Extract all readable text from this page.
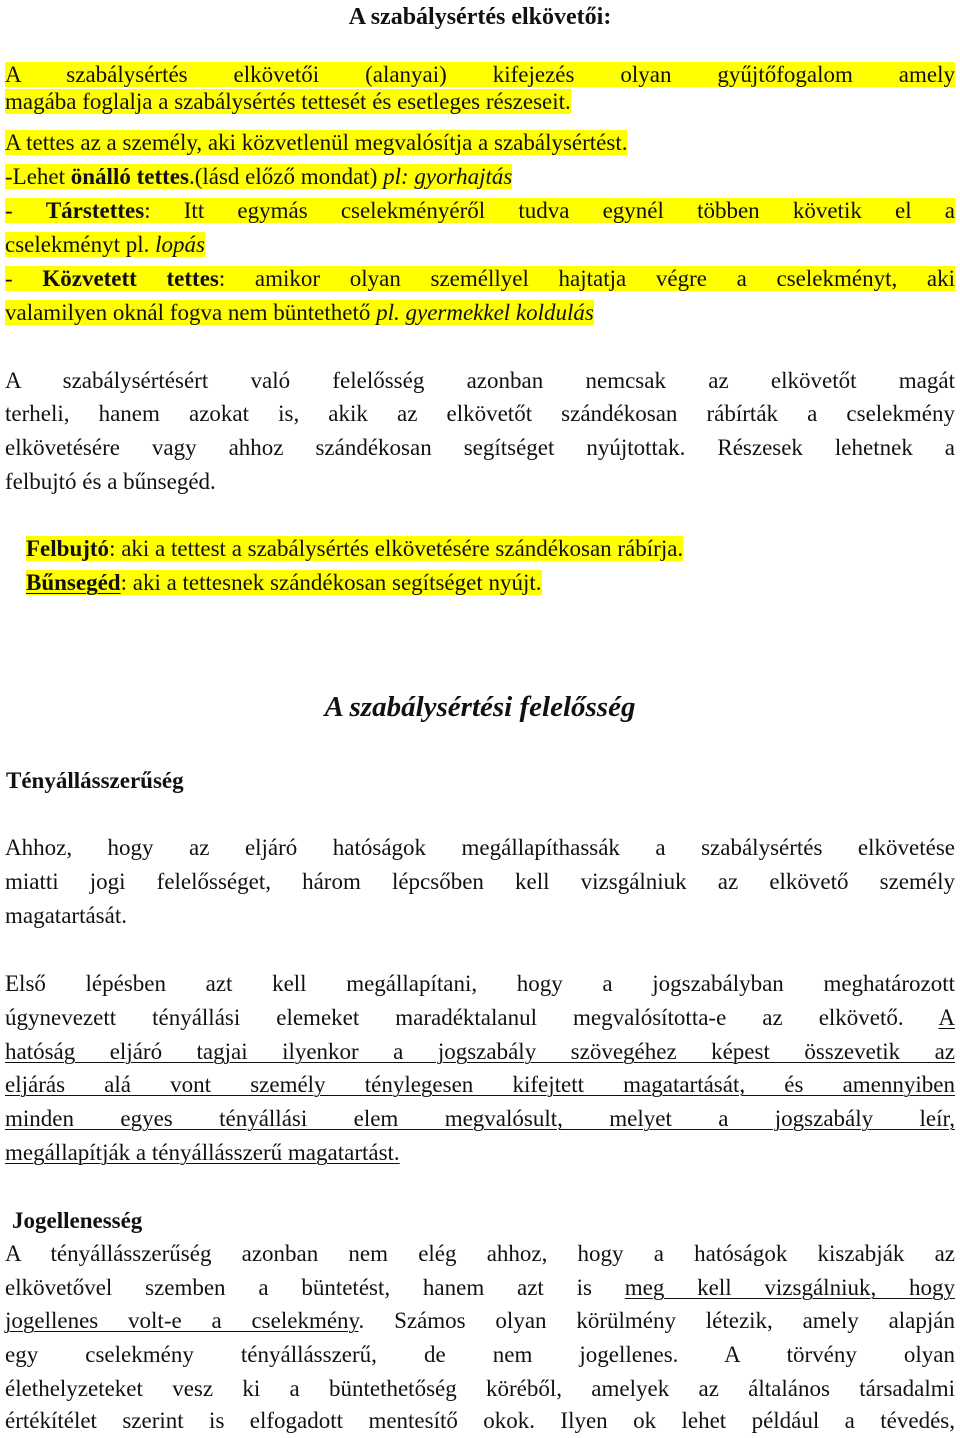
A szabálysértés elkövetői:
A szabálysértés elkövetői (alanyai) kifejezés olyan gyűjtőfogalom amely
magába foglalja a szabálysértés tettesét és esetleges részeseit.
A tettes az a személy, aki közvetlenül megvalósítja a szabálysértést.
-Lehet önálló tettes.(lásd előző mondat) pl: gyorhajtás
- Társtettes: Itt egymás cselekményéről tudva egynél többen követik el a
cselekményt pl. lopás
- Közvetett tettes: amikor olyan személlyel hajtatja végre a cselekményt, aki
valamilyen oknál fogva nem büntethető pl. gyermekkel koldulás
A szabálysértésért való felelősség azonban nemcsak az elkövetőt magát
terheli, hanem azokat is, akik az elkövetőt szándékosan rábírták a cselekmény
elkövetésére vagy ahhoz szándékosan segítséget nyújtottak. Részesek lehetnek a
felbujtó és a bűnsegéd.
Felbujtó: aki a tettest a szabálysértés elkövetésére szándékosan rábírja.
Bűnsegéd: aki a tettesnek szándékosan segítséget nyújt.
A szabálysértési felelősség
Tényállásszerűség
Ahhoz, hogy az eljáró hatóságok megállapíthassák a szabálysértés elkövetése
miatti jogi felelősséget, három lépcsőben kell vizsgálniuk az elkövető személy
magatartását.
Első lépésben azt kell megállapítani, hogy a jogszabályban meghatározott
úgynevezett tényállási elemeket maradéktalanul megvalósította-e az elkövető. A
hatóság eljáró tagjai ilyenkor a jogszabály szövegéhez képest összevetik az
eljárás alá vont személy ténylegesen kifejtett magatartását, és amennyiben
minden egyes tényállási elem megvalósult, melyet a jogszabály leír,
megállapítják a tényállásszerű magatartást.
Jogellenesség
A tényállásszerűség azonban nem elég ahhoz, hogy a hatóságok kiszabják az
elkövetővel szemben a büntetést, hanem azt is meg kell vizsgálniuk, hogy
jogellenes volt-e a cselekmény. Számos olyan körülmény létezik, amely alapján
egy cselekmény tényállásszerű, de nem jogellenes. A törvény olyan
élethelyzeteket vesz ki a büntethetőség köréből, amelyek az általános társadalmi
értékítélet szerint is elfogadott mentesítő okok. Ilyen ok lehet például a tévedés,
